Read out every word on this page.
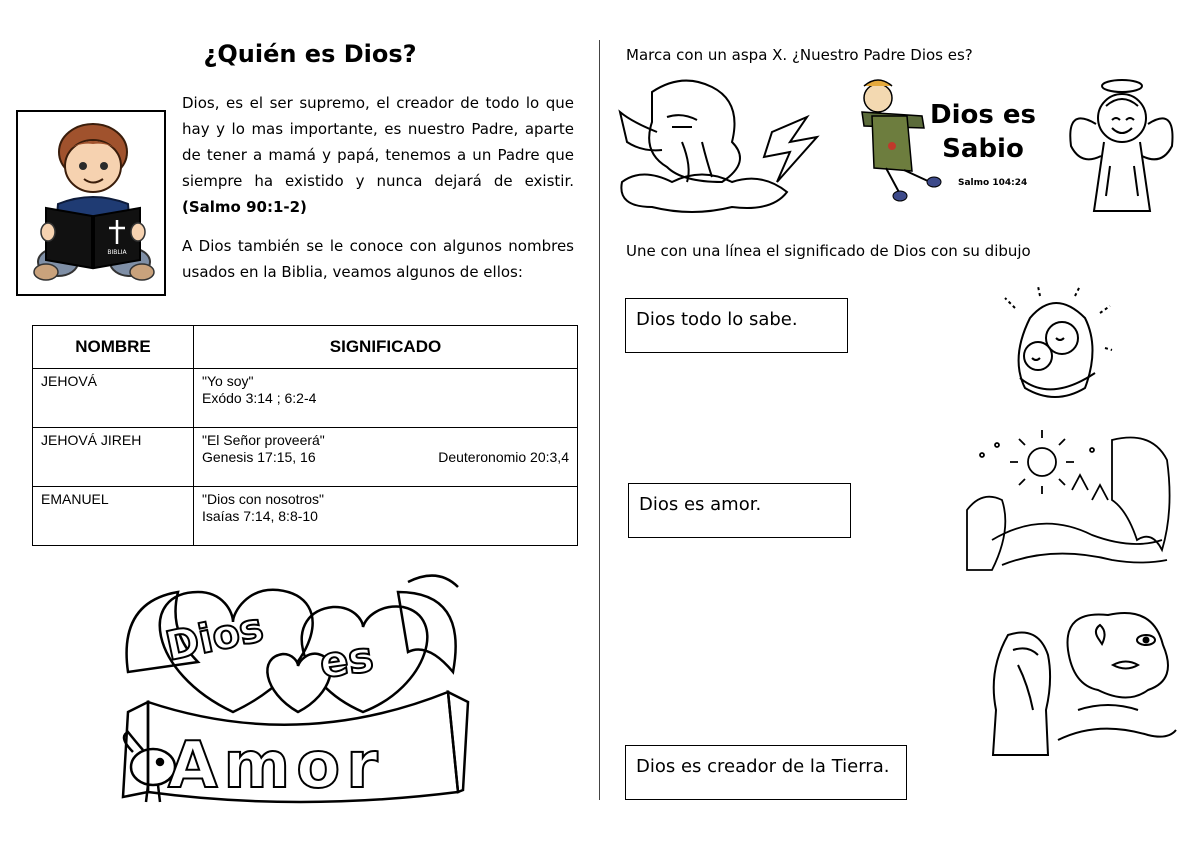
¿Quién es Dios?
BIBLIA

Dios, es el ser supremo, el creador de todo lo que hay y lo mas importante, es nuestro Padre, aparte de tener a mamá y papá, tenemos a un Padre que siempre ha existido y nunca dejará de existir. (Salmo 90:1-2)

A Dios también se le conoce con algunos nombres usados en la Biblia, veamos algunos de ellos:

NOMBRE	SIGNIFICADO
JEHOVÁ	"Yo soy"
Exódo 3:14 ; 6:2-4

JEHOVÁ JIREH	"El Señor proveerá"
Genesis 17:15, 16 Deuteronomio 20:3,4

EMANUEL	"Dios con nosotros"
Isaías 7:14, 8:8-10
Dios es
Amor
Marca con un aspa X. ¿Nuestro Padre Dios es?
Dios es
Sabio
Salmo 104:24
Une con una línea el significado de Dios con su dibujo
Dios todo lo sabe.
Dios es amor.
Dios es creador de la Tierra.
